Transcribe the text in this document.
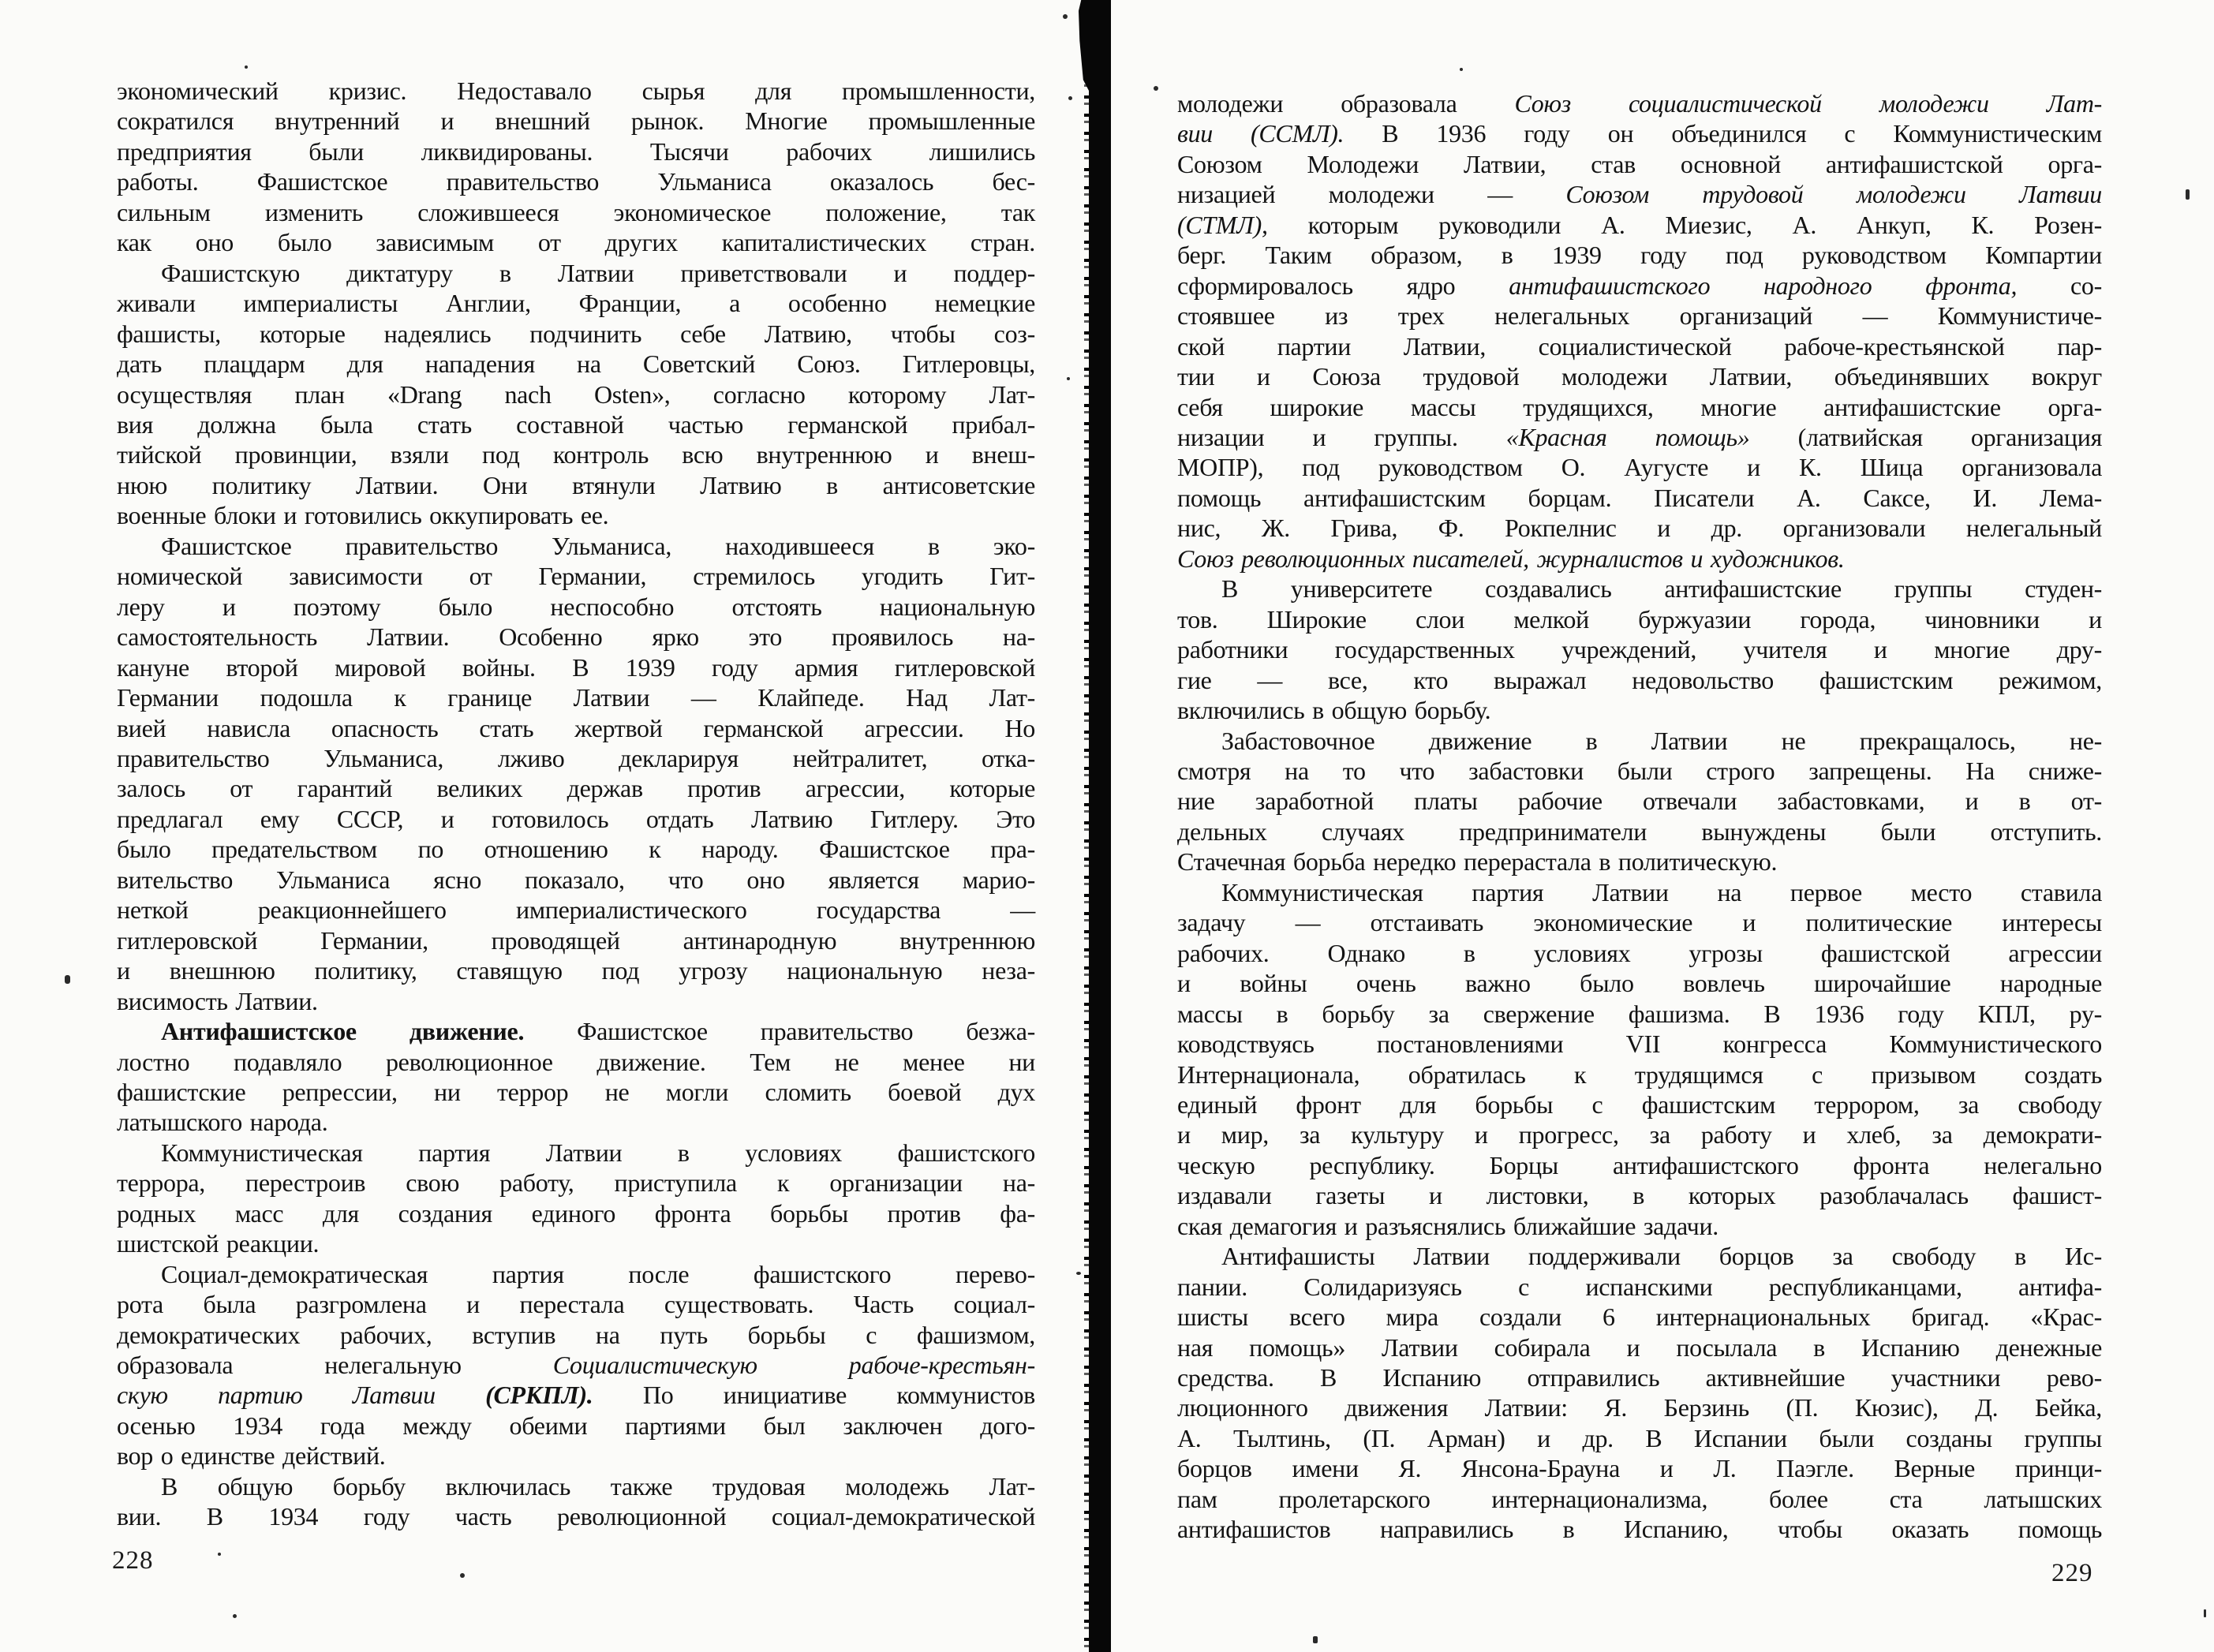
экономический кризис. Недоставало сырья для промышленности,
сократился внутренний и внешний рынок. Многие промышленные
предприятия были ликвидированы. Тысячи рабочих лишились
работы. Фашистское правительство Ульманиса оказалось бес-
сильным изменить сложившееся экономическое положение, так
как оно было зависимым от других капиталистических стран.
Фашистскую диктатуру в Латвии приветствовали и поддер-
живали империалисты Англии, Франции, а особенно немецкие
фашисты, которые надеялись подчинить себе Латвию, чтобы соз-
дать плацдарм для нападения на Советский Союз. Гитлеровцы,
осуществляя план «Drang nach Osten», согласно которому Лат-
вия должна была стать составной частью германской прибал-
тийской провинции, взяли под контроль всю внутреннюю и внеш-
нюю политику Латвии. Они втянули Латвию в антисоветские
военные блоки и готовились оккупировать ее.
Фашистское правительство Ульманиса, находившееся в эко-
номической зависимости от Германии, стремилось угодить Гит-
леру и поэтому было неспособно отстоять национальную
самостоятельность Латвии. Особенно ярко это проявилось на-
кануне второй мировой войны. В 1939 году армия гитлеровской
Германии подошла к границе Латвии — Клайпеде. Над Лат-
вией нависла опасность стать жертвой германской агрессии. Но
правительство Ульманиса, лживо декларируя нейтралитет, отка-
залось от гарантий великих держав против агрессии, которые
предлагал ему СССР, и готовилось отдать Латвию Гитлеру. Это
было предательством по отношению к народу. Фашистское пра-
вительство Ульманиса ясно показало, что оно является марио-
неткой реакционнейшего империалистического государства —
гитлеровской Германии, проводящей антинародную внутреннюю
и внешнюю политику, ставящую под угрозу национальную неза-
висимость Латвии.
Антифашистское движение. Фашистское правительство безжа-
лостно подавляло революционное движение. Тем не менее ни
фашистские репрессии, ни террор не могли сломить боевой дух
латышского народа.
Коммунистическая партия Латвии в условиях фашистского
террора, перестроив свою работу, приступила к организации на-
родных масс для создания единого фронта борьбы против фа-
шистской реакции.
Социал-демократическая партия после фашистского перево-
рота была разгромлена и перестала существовать. Часть социал-
демократических рабочих, вступив на путь борьбы с фашизмом,
образовала нелегальную Социалистическую рабоче-крестьян-
скую партию Латвии (СРКПЛ). По инициативе коммунистов
осенью 1934 года между обеими партиями был заключен дого-
вор о единстве действий.
В общую борьбу включилась также трудовая молодежь Лат-
вии. В 1934 году часть революционной социал-демократической
молодежи образовала Союз социалистической молодежи Лат-
вии (ССМЛ). В 1936 году он объединился с Коммунистическим
Союзом Молодежи Латвии, став основной антифашистской орга-
низацией молодежи — Союзом трудовой молодежи Латвии
(СТМЛ), которым руководили А. Миезис, А. Анкуп, К. Розен-
берг. Таким образом, в 1939 году под руководством Компартии
сформировалось ядро антифашистского народного фронта, со-
стоявшее из трех нелегальных организаций — Коммунистиче-
ской партии Латвии, социалистической рабоче-крестьянской пар-
тии и Союза трудовой молодежи Латвии, объединявших вокруг
себя широкие массы трудящихся, многие антифашистские орга-
низации и группы. «Красная помощь» (латвийская организация
МОПР), под руководством О. Аугусте и К. Шица организовала
помощь антифашистским борцам. Писатели А. Саксе, И. Лема-
нис, Ж. Грива, Ф. Рокпелнис и др. организовали нелегальный
Союз революционных писателей, журналистов и художников.
В университете создавались антифашистские группы студен-
тов. Широкие слои мелкой буржуазии города, чиновники и
работники государственных учреждений, учителя и многие дру-
гие — все, кто выражал недовольство фашистским режимом,
включились в общую борьбу.
Забастовочное движение в Латвии не прекращалось, не-
смотря на то что забастовки были строго запрещены. На сниже-
ние заработной платы рабочие отвечали забастовками, и в от-
дельных случаях предприниматели вынуждены были отступить.
Стачечная борьба нередко перерастала в политическую.
Коммунистическая партия Латвии на первое место ставила
задачу — отстаивать экономические и политические интересы
рабочих. Однако в условиях угрозы фашистской агрессии
и войны очень важно было вовлечь широчайшие народные
массы в борьбу за свержение фашизма. В 1936 году КПЛ, ру-
ководствуясь постановлениями VII конгресса Коммунистического
Интернационала, обратилась к трудящимся с призывом создать
единый фронт для борьбы с фашистским террором, за свободу
и мир, за культуру и прогресс, за работу и хлеб, за демократи-
ческую республику. Борцы антифашистского фронта нелегально
издавали газеты и листовки, в которых разоблачалась фашист-
ская демагогия и разъяснялись ближайшие задачи.
Антифашисты Латвии поддерживали борцов за свободу в Ис-
пании. Солидаризуясь с испанскими республиканцами, антифа-
шисты всего мира создали 6 интернациональных бригад. «Крас-
ная помощь» Латвии собирала и посылала в Испанию денежные
средства. В Испанию отправились активнейшие участники рево-
люционного движения Латвии: Я. Берзинь (П. Кюзис), Д. Бейка,
А. Тылтинь, (П. Арман) и др. В Испании были созданы группы
борцов имени Я. Янсона-Брауна и Л. Паэгле. Верные принци-
пам пролетарского интернационализма, более ста латышских
антифашистов направились в Испанию, чтобы оказать помощь
228	229
